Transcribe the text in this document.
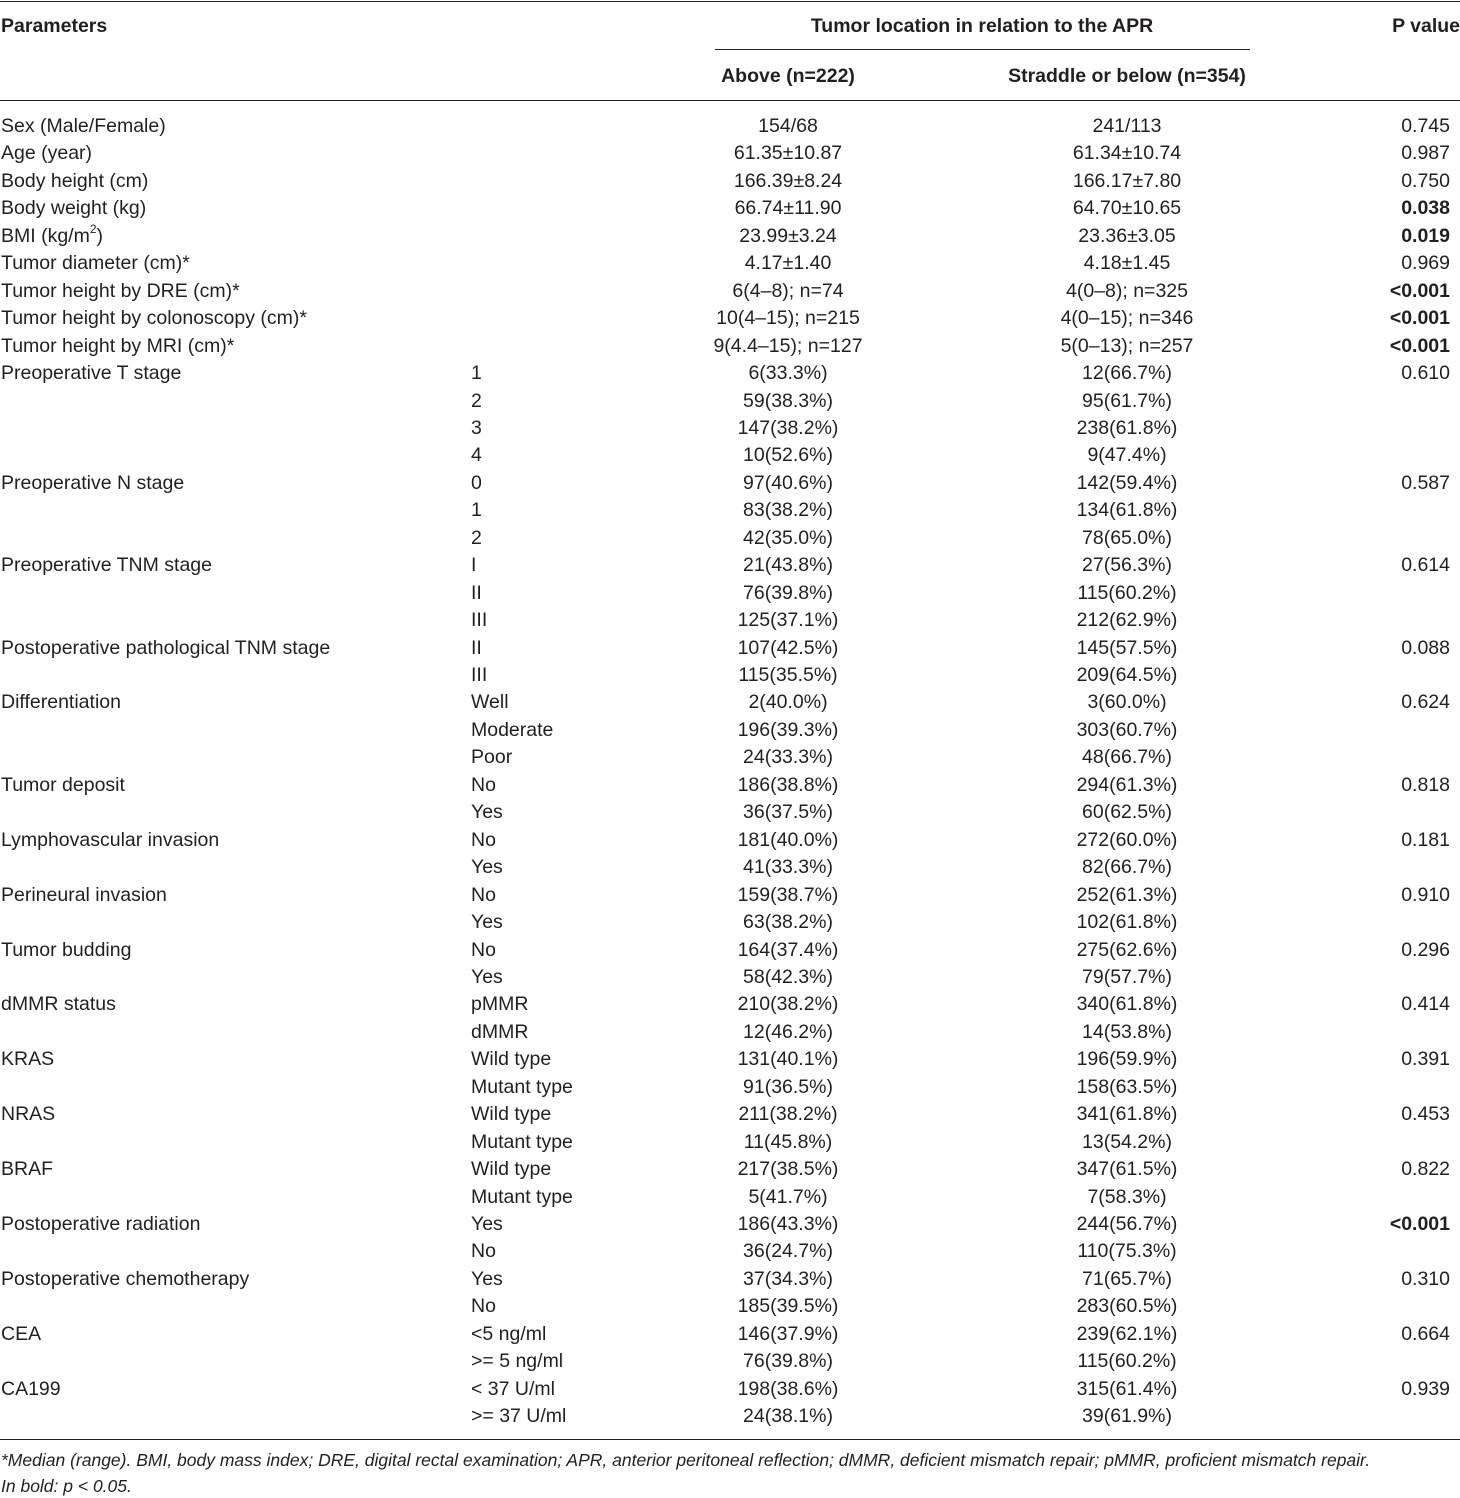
Parameters	Tumor location in relation to the APR	P value
Above (n=222)	Straddle or below (n=354)
Sex (Male/Female)	154/68	241/113	0.745
Age (year)	61.35±10.87	61.34±10.74	0.987
Body height (cm)	166.39±8.24	166.17±7.80	0.750
Body weight (kg)	66.74±11.90	64.70±10.65	0.038
BMI $(kg/m^2)$	23.99±3.24	23.36±3.05	0.019
Tumor diameter (cm)*	4.17±1.40	4.18±1.45	0.969
Tumor height by DRE (cm)*	6(4–8); n=74	4(0–8); n=325	<0.001
Tumor height by colonoscopy (cm)*	10(4–15); n=215	4(0–15); n=346	<0.001
Tumor height by MRI (cm)*	9(4.4–15); n=127	5(0–13); n=257	<0.001
Preoperative T stage	1	6(33.3%)	12(66.7%)	0.610
2	59(38.3%)	95(61.7%)
3	147(38.2%)	238(61.8%)
4	10(52.6%)	9(47.4%)
Preoperative N stage	0	97(40.6%)	142(59.4%)	0.587
1	83(38.2%)	134(61.8%)
2	42(35.0%)	78(65.0%)
Preoperative TNM stage	I	21(43.8%)	27(56.3%)	0.614
II	76(39.8%)	115(60.2%)
III	125(37.1%)	212(62.9%)
Postoperative pathological TNM stage	II	107(42.5%)	145(57.5%)	0.088
III	115(35.5%)	209(64.5%)
Differentiation	Well	2(40.0%)	3(60.0%)	0.624
Moderate	196(39.3%)	303(60.7%)
Poor	24(33.3%)	48(66.7%)
Tumor deposit	No	186(38.8%)	294(61.3%)	0.818
Yes	36(37.5%)	60(62.5%)
Lymphovascular invasion	No	181(40.0%)	272(60.0%)	0.181
Yes	41(33.3%)	82(66.7%)
Perineural invasion	No	159(38.7%)	252(61.3%)	0.910
Yes	63(38.2%)	102(61.8%)
Tumor budding	No	164(37.4%)	275(62.6%)	0.296
Yes	58(42.3%)	79(57.7%)
dMMR status	pMMR	210(38.2%)	340(61.8%)	0.414
dMMR	12(46.2%)	14(53.8%)
KRAS	Wild type	131(40.1%)	196(59.9%)	0.391
Mutant type	91(36.5%)	158(63.5%)
NRAS	Wild type	211(38.2%)	341(61.8%)	0.453
Mutant type	11(45.8%)	13(54.2%)
BRAF	Wild type	217(38.5%)	347(61.5%)	0.822
Mutant type	5(41.7%)	7(58.3%)
Postoperative radiation	Yes	186(43.3%)	244(56.7%)	<0.001
No	36(24.7%)	110(75.3%)
Postoperative chemotherapy	Yes	37(34.3%)	71(65.7%)	0.310
No	185(39.5%)	283(60.5%)
CEA	<5 ng/ml	146(37.9%)	239(62.1%)	0.664
>= 5 ng/ml	76(39.8%)	115(60.2%)
CA199	< 37 U/ml	198(38.6%)	315(61.4%)	0.939
>= 37 U/ml	24(38.1%)	39(61.9%)
*Median (range). BMI, body mass index; DRE, digital rectal examination; APR, anterior peritoneal reflection; dMMR, deficient mismatch repair; pMMR, proficient mismatch repair.
In bold: p < 0.05.
